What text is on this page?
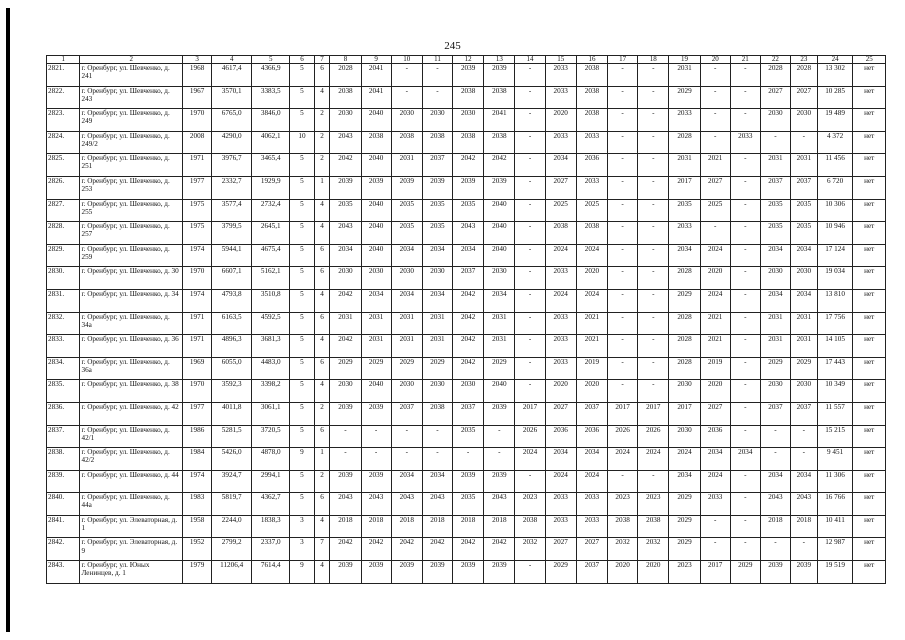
245
1	2	3	4	5	6	7	8	9	10	11	12	13	14	15	16	17	18	19	20	21	22	23	24	25
2821.	г. Оренбург, ул. Шевченко, д. 241	1968	4617,4	4366,9	5	6	2028	2041	-	-	2039	2039	-	2033	2038	-	-	2031	-	-	2028	2028	13 302	нет
2822.	г. Оренбург, ул. Шевченко, д. 243	1967	3570,1	3383,5	5	4	2038	2041	-	-	2038	2038	-	2033	2038	-	-	2029	-	-	2027	2027	10 285	нет
2823.	г. Оренбург, ул. Шевченко, д. 249	1970	6765,0	3846,0	5	2	2030	2040	2030	2030	2030	2041	-	2020	2038	-	-	2033	-	-	2030	2030	19 489	нет
2824.	г. Оренбург, ул. Шевченко, д. 249/2	2008	4290,0	4062,1	10	2	2043	2038	2038	2038	2038	2038	-	2033	2033	-	-	2028	-	2033	-	-	4 372	нет
2825.	г. Оренбург, ул. Шевченко, д. 251	1971	3976,7	3465,4	5	2	2042	2040	2031	2037	2042	2042	-	2034	2036	-	-	2031	2021	-	2031	2031	11 456	нет
2826.	г. Оренбург, ул. Шевченко, д. 253	1977	2332,7	1929,9	5	1	2039	2039	2039	2039	2039	2039	-	2027	2033	-	-	2017	2027	-	2037	2037	6 720	нет
2827.	г. Оренбург, ул. Шевченко, д. 255	1975	3577,4	2732,4	5	4	2035	2040	2035	2035	2035	2040	-	2025	2025	-	-	2035	2025	-	2035	2035	10 306	нет
2828.	г. Оренбург, ул. Шевченко, д. 257	1975	3799,5	2645,1	5	4	2043	2040	2035	2035	2043	2040	-	2038	2038	-	-	2033	-	-	2035	2035	10 946	нет
2829.	г. Оренбург, ул. Шевченко, д. 259	1974	5944,1	4675,4	5	6	2034	2040	2034	2034	2034	2040	-	2024	2024	-	-	2034	2024	-	2034	2034	17 124	нет
2830.	г. Оренбург, ул. Шевченко, д. 30	1970	6607,1	5162,1	5	6	2030	2030	2030	2030	2037	2030	-	2033	2020	-	-	2028	2020	-	2030	2030	19 034	нет
2831.	г. Оренбург, ул. Шевченко, д. 34	1974	4793,8	3510,8	5	4	2042	2034	2034	2034	2042	2034	-	2024	2024	-	-	2029	2024	-	2034	2034	13 810	нет
2832.	г. Оренбург, ул. Шевченко, д. 34а	1971	6163,5	4592,5	5	6	2031	2031	2031	2031	2042	2031	-	2033	2021	-	-	2028	2021	-	2031	2031	17 756	нет
2833.	г. Оренбург, ул. Шевченко, д. 36	1971	4896,3	3681,3	5	4	2042	2031	2031	2031	2042	2031	-	2033	2021	-	-	2028	2021	-	2031	2031	14 105	нет
2834.	г. Оренбург, ул. Шевченко, д. 36а	1969	6055,0	4483,0	5	6	2029	2029	2029	2029	2042	2029	-	2033	2019	-	-	2028	2019	-	2029	2029	17 443	нет
2835.	г. Оренбург, ул. Шевченко, д. 38	1970	3592,3	3398,2	5	4	2030	2040	2030	2030	2030	2040	-	2020	2020	-	-	2030	2020	-	2030	2030	10 349	нет
2836.	г. Оренбург, ул. Шевченко, д. 42	1977	4011,8	3061,1	5	2	2039	2039	2037	2038	2037	2039	2017	2027	2037	2017	2017	2017	2027	-	2037	2037	11 557	нет
2837.	г. Оренбург, ул. Шевченко, д. 42/1	1986	5281,5	3720,5	5	6	-	-	-	-	2035	-	2026	2036	2036	2026	2026	2030	2036	-	-	-	15 215	нет
2838.	г. Оренбург, ул. Шевченко, д. 42/2	1984	5426,0	4878,0	9	1	-	-	-	-	-	-	2024	2034	2034	2024	2024	2024	2034	2034	-	-	9 451	нет
2839.	г. Оренбург, ул. Шевченко, д. 44	1974	3924,7	2994,1	5	2	2039	2039	2034	2034	2039	2039	-	2024	2024	-	-	2034	2024	-	2034	2034	11 306	нет
2840.	г. Оренбург, ул. Шевченко, д. 44а	1983	5819,7	4362,7	5	6	2043	2043	2043	2043	2035	2043	2023	2033	2033	2023	2023	2029	2033	-	2043	2043	16 766	нет
2841.	г. Оренбург, ул. Элеваторная, д. 1	1958	2244,0	1838,3	3	4	2018	2018	2018	2018	2018	2018	2038	2033	2033	2038	2038	2029	-	-	2018	2018	10 411	нет
2842.	г. Оренбург, ул. Элеваторная, д. 9	1952	2799,2	2337,0	3	7	2042	2042	2042	2042	2042	2042	2032	2027	2027	2032	2032	2029	-	-	-	-	12 987	нет
2843.	г. Оренбург, ул. Юных Ленинцев, д. 1	1979	11206,4	7614,4	9	4	2039	2039	2039	2039	2039	2039	-	2029	2037	2020	2020	2023	2017	2029	2039	2039	19 519	нет
